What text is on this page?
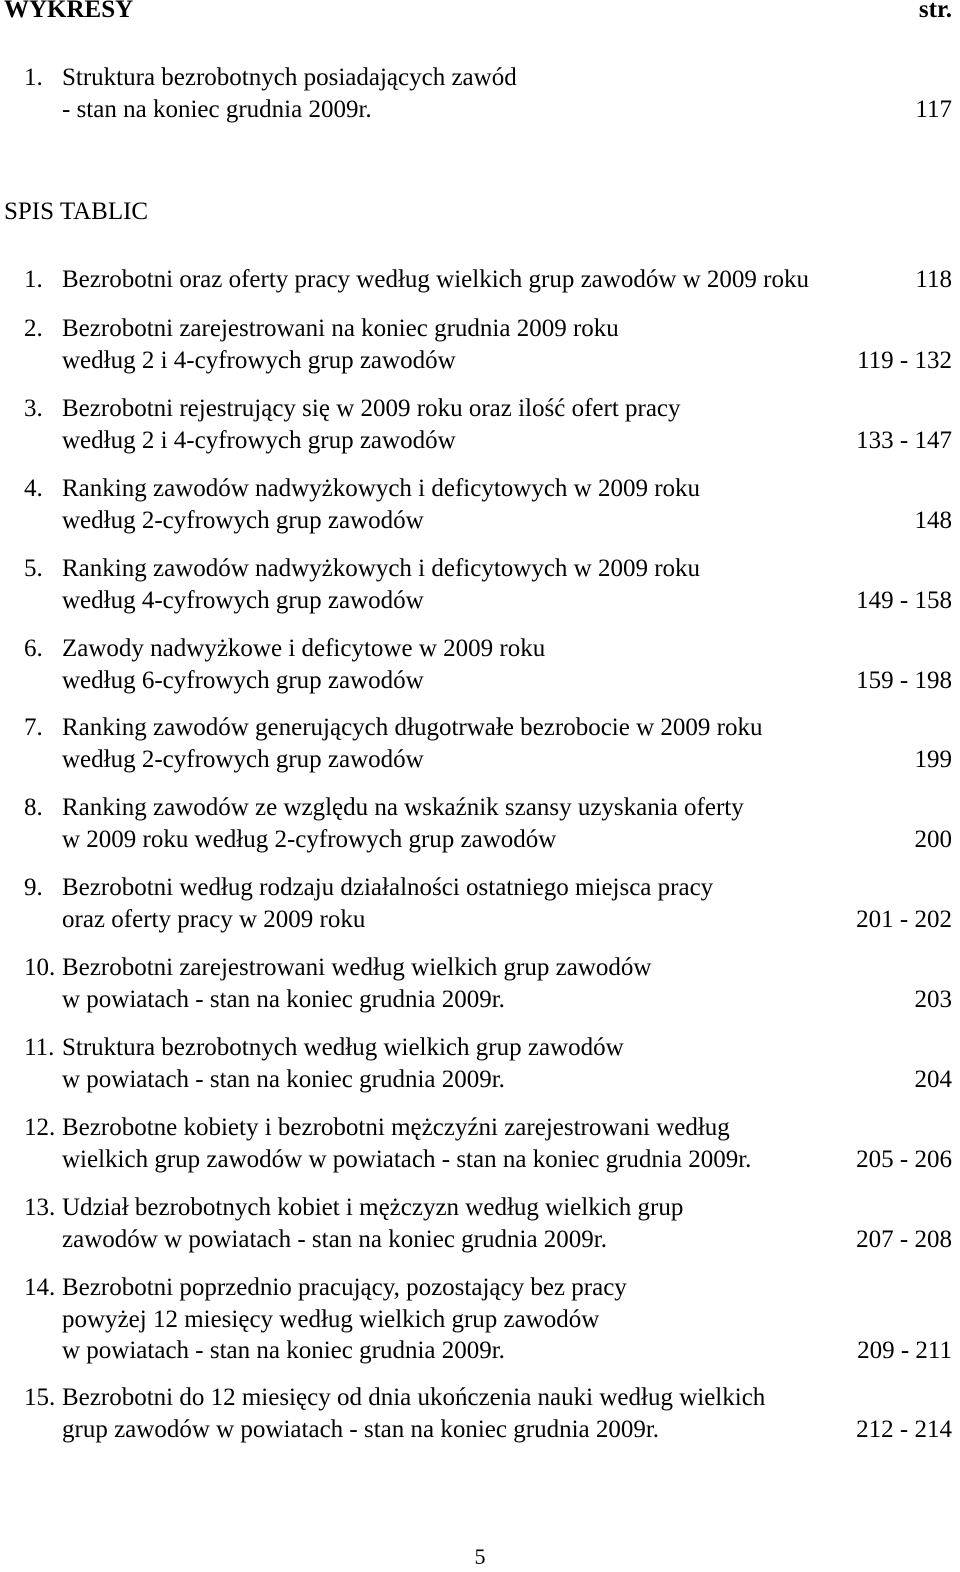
WYKRESY	str.
1. Struktura bezrobotnych posiadających zawód
- stan na koniec grudnia 2009r.	117
SPIS TABLIC
1. Bezrobotni oraz oferty pracy według wielkich grup zawodów w 2009 roku	118
2. Bezrobotni zarejestrowani na koniec grudnia 2009 roku
według 2 i 4-cyfrowych grup zawodów	119 - 132
3. Bezrobotni rejestrujący się w 2009 roku oraz ilość ofert pracy
według 2 i 4-cyfrowych grup zawodów	133 - 147
4. Ranking zawodów nadwyżkowych i deficytowych w 2009 roku
według 2-cyfrowych grup zawodów	148
5. Ranking zawodów nadwyżkowych i deficytowych w 2009 roku
według 4-cyfrowych grup zawodów	149 - 158
6. Zawody nadwyżkowe i deficytowe w 2009 roku
według 6-cyfrowych grup zawodów	159 - 198
7. Ranking zawodów generujących długotrwałe bezrobocie w 2009 roku
według 2-cyfrowych grup zawodów	199
8. Ranking zawodów ze względu na wskaźnik szansy uzyskania oferty
w 2009 roku według 2-cyfrowych grup zawodów	200
9. Bezrobotni według rodzaju działalności ostatniego miejsca pracy
oraz oferty pracy w 2009 roku	201 - 202
10. Bezrobotni zarejestrowani według wielkich grup zawodów
w powiatach - stan na koniec grudnia 2009r.	203
11. Struktura bezrobotnych według wielkich grup zawodów
w powiatach - stan na koniec grudnia 2009r.	204
12. Bezrobotne kobiety i bezrobotni mężczyźni zarejestrowani według
wielkich grup zawodów w powiatach - stan na koniec grudnia 2009r.	205 - 206
13. Udział bezrobotnych kobiet i mężczyzn według wielkich grup
zawodów w powiatach - stan na koniec grudnia 2009r.	207 - 208
14. Bezrobotni poprzednio pracujący, pozostający bez pracy
powyżej 12 miesięcy według wielkich grup zawodów
w powiatach - stan na koniec grudnia 2009r.	209 - 211
15. Bezrobotni do 12 miesięcy od dnia ukończenia nauki według wielkich
grup zawodów w powiatach - stan na koniec grudnia 2009r.	212 - 214
5
